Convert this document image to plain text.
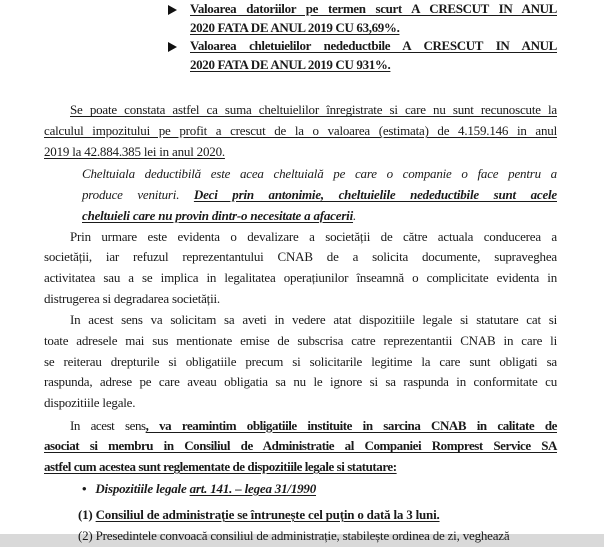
Valoarea datoriilor pe termen scurt A CRESCUT IN ANUL
2020 FATA DE ANUL 2019 CU 63,69%.
Valoarea chletuielilor nedeductbile A CRESCUT IN ANUL
2020 FATA DE ANUL 2019 CU 931%.
Se poate constata astfel ca suma cheltuielilor înregistrate si care nu sunt recunoscute la
calculul impozitului pe profit a crescut de la o valoarea (estimata) de 4.159.146 in anul
2019 la 42.884.385 lei in anul 2020.
Cheltuiala deductibilă este acea cheltuială pe care o companie o face pentru a
produce venituri. Deci prin antonimie, cheltuielile nedeductibile sunt acele
cheltuieli care nu provin dintr-o necesitate a afacerii.
Prin urmare este evidenta o devalizare a societății de către actuala conducerea a
societății, iar refuzul reprezentantului CNAB de a solicita documente, supraveghea
activitatea sau a se implica in legalitatea operațiunilor înseamnă o complicitate evidenta in
distrugerea si degradarea societății.
In acest sens va solicitam sa aveti in vedere atat dispozitiile legale si statutare cat si
toate adresele mai sus mentionate emise de subscrisa catre reprezentantii CNAB in care li
se reiterau drepturile si obligatiile precum si solicitarile legitime la care sunt obligati sa
raspunda, adrese pe care aveau obligatia sa nu le ignore si sa raspunda in conformitate cu
dispozitiile legale.
In acest sens, va reamintim obligatiile instituite in sarcina CNAB in calitate de
asociat si membru in Consiliul de Administratie al Companiei Romprest Service SA
astfel cum acestea sunt reglementate de dispozitiile legale si statutare:
• Dispozitiile legale art. 141. – legea 31/1990
(1) Consiliul de administrație se întrunește cel puțin o dată la 3 luni.
(2) Presedintele convoacă consiliul de administrație, stabilește ordinea de zi, veghează
